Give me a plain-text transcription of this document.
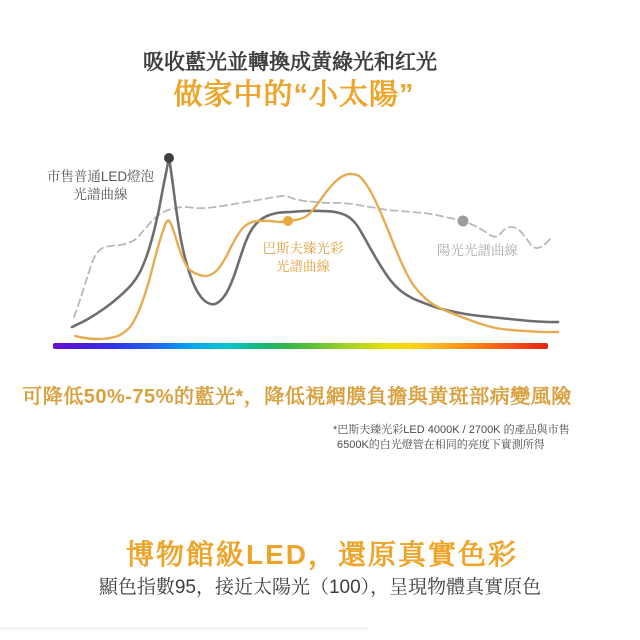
吸收藍光並轉換成黄綠光和红光
做家中的“小太陽”
市售普通LED燈泡
光譜曲線
巴斯夫臻光彩
光譜曲線
陽光光譜曲線
可降低50%-75%的藍光*，降低視網膜負擔與黄斑部病變風險
*巴斯夫臻光彩LED 4000K / 2700K 的產品與市售
6500K的白光燈管在相同的亮度下實測所得
博物館級LED，還原真實色彩
顯色指數95，接近太陽光（100），呈現物體真實原色
